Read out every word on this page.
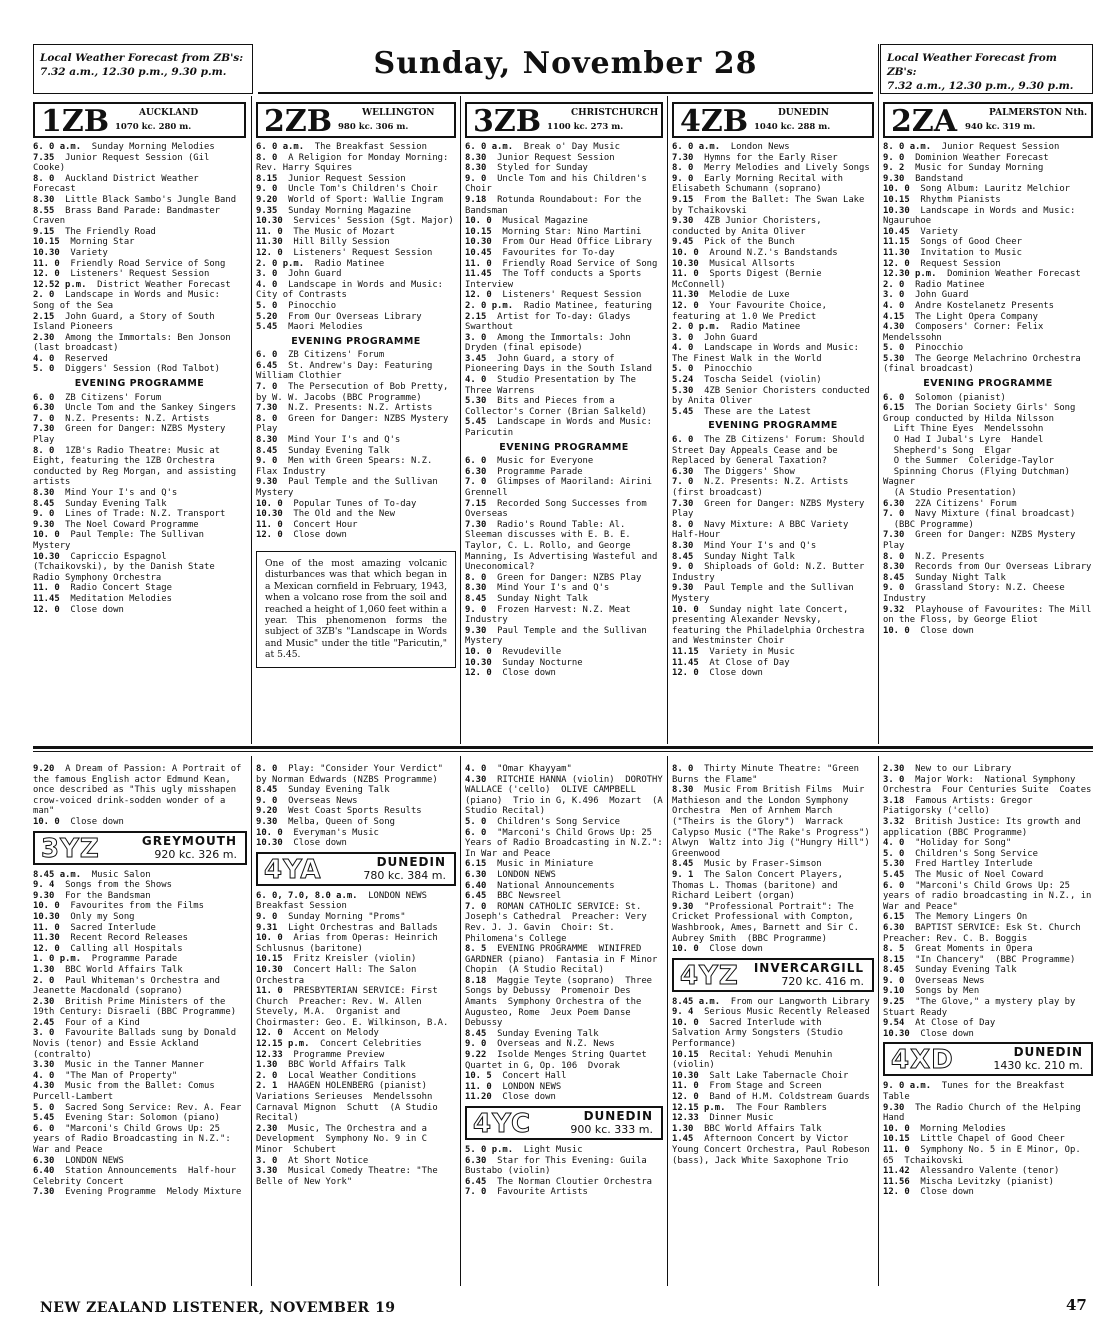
Local Weather Forecast from ZB's:
7.32 a.m., 12.30 p.m., 9.30 p.m.	Sunday, November 28	Local Weather Forecast from ZB's:
7.32 a.m., 12.30 p.m., 9.30 p.m.
1ZB	AUCKLAND
1070 kc. 280 m.
6. 0 a.m. Sunday Morning Melodies
7.35 Junior Request Session (Gil Cooke)
8. 0 Auckland District Weather Forecast
8.30 Little Black Sambo's Jungle Band
8.55 Brass Band Parade: Bandmaster Craven
9.15 The Friendly Road
10.15 Morning Star
10.30 Variety
11. 0 Friendly Road Service of Song
12. 0 Listeners' Request Session
12.52 p.m. District Weather Forecast
2. 0 Landscape in Words and Music: Song of the Sea
2.15 John Guard, a Story of South Island Pioneers
2.30 Among the Immortals: Ben Jonson (last broadcast)
4. 0 Reserved
5. 0 Diggers' Session (Rod Talbot)
EVENING PROGRAMME
6. 0 ZB Citizens' Forum
6.30 Uncle Tom and the Sankey Singers
7. 0 N.Z. Presents: N.Z. Artists
7.30 Green for Danger: NZBS Mystery Play
8. 0 1ZB's Radio Theatre: Music at Eight, featuring the 1ZB Orchestra conducted by Reg Morgan, and assisting artists
8.30 Mind Your I's and Q's
8.45 Sunday Evening Talk
9. 0 Lines of Trade: N.Z. Transport
9.30 The Noel Coward Programme
10. 0 Paul Temple: The Sullivan Mystery
10.30 Capriccio Espagnol (Tchaikovski), by the Danish State Radio Symphony Orchestra
11. 0 Radio Concert Stage
11.45 Meditation Melodies
12. 0 Close down
2ZB	WELLINGTON
980 kc. 306 m.
6. 0 a.m. The Breakfast Session
8. 0 A Religion for Monday Morning: Rev. Harry Squires
8.15 Junior Request Session
9. 0 Uncle Tom's Children's Choir
9.20 World of Sport: Wallie Ingram
9.35 Sunday Morning Magazine
10.30 Services' Session (Sgt. Major)
11. 0 The Music of Mozart
11.30 Hill Billy Session
12. 0 Listeners' Request Session
2. 0 p.m. Radio Matinee
3. 0 John Guard
4. 0 Landscape in Words and Music: City of Contrasts
5. 0 Pinocchio
5.20 From Our Overseas Library
5.45 Maori Melodies
EVENING PROGRAMME
6. 0 ZB Citizens' Forum
6.45 St. Andrew's Day: Featuring William Clothier
7. 0 The Persecution of Bob Pretty, by W. W. Jacobs (BBC Programme)
7.30 N.Z. Presents: N.Z. Artists
8. 0 Green for Danger: NZBS Mystery Play
8.30 Mind Your I's and Q's
8.45 Sunday Evening Talk
9. 0 Men with Green Spears: N.Z. Flax Industry
9.30 Paul Temple and the Sullivan Mystery
10. 0 Popular Tunes of To-day
10.30 The Old and the New
11. 0 Concert Hour
12. 0 Close down
One of the most amazing volcanic disturbances was that which began in a Mexican cornfield in February, 1943, when a volcano rose from the soil and reached a height of 1,060 feet within a year. This phenomenon forms the subject of 3ZB's "Landscape in Words and Music" under the title "Paricutin," at 5.45.
3ZB	CHRISTCHURCH
1100 kc. 273 m.
6. 0 a.m. Break o' Day Music
8.30 Junior Request Session
8.30 Styled for Sunday
9. 0 Uncle Tom and his Children's Choir
9.18 Rotunda Roundabout: For the Bandsman
10. 0 Musical Magazine
10.15 Morning Star: Nino Martini
10.30 From Our Head Office Library
10.45 Favourites for To-day
11. 0 Friendly Road Service of Song
11.45 The Toff conducts a Sports Interview
12. 0 Listeners' Request Session
2. 0 p.m. Radio Matinee, featuring
2.15 Artist for To-day: Gladys Swarthout
3. 0 Among the Immortals: John Dryden (final episode)
3.45 John Guard, a story of Pioneering Days in the South Island
4. 0 Studio Presentation by The Three Warrens
5.30 Bits and Pieces from a Collector's Corner (Brian Salkeld)
5.45 Landscape in Words and Music: Paricutin
EVENING PROGRAMME
6. 0 Music for Everyone
6.30 Programme Parade
7. 0 Glimpses of Maoriland: Airini Grennell
7.15 Recorded Song Successes from Overseas
7.30 Radio's Round Table: Al. Sleeman discusses with E. B. E. Taylor, C. L. Rollo, and George Manning, Is Advertising Wasteful and Uneconomical?
8. 0 Green for Danger: NZBS Play
8.30 Mind Your I's and Q's
8.45 Sunday Night Talk
9. 0 Frozen Harvest: N.Z. Meat Industry
9.30 Paul Temple and the Sullivan Mystery
10. 0 Revudeville
10.30 Sunday Nocturne
12. 0 Close down
4ZB	DUNEDIN
1040 kc. 288 m.
6. 0 a.m. London News
7.30 Hymns for the Early Riser
8. 0 Merry Melodies and Lively Songs
9. 0 Early Morning Recital with Elisabeth Schumann (soprano)
9.15 From the Ballet: The Swan Lake by Tchaikovski
9.30 4ZB Junior Choristers, conducted by Anita Oliver
9.45 Pick of the Bunch
10. 0 Around N.Z.'s Bandstands
10.30 Musical Allsorts
11. 0 Sports Digest (Bernie McConnell)
11.30 Melodie de Luxe
12. 0 Your Favourite Choice, featuring at 1.0 We Predict
2. 0 p.m. Radio Matinee
3. 0 John Guard
4. 0 Landscape in Words and Music: The Finest Walk in the World
5. 0 Pinocchio
5.24 Toscha Seidel (violin)
5.30 4ZB Senior Choristers conducted by Anita Oliver
5.45 These are the Latest
EVENING PROGRAMME
6. 0 The ZB Citizens' Forum: Should Street Day Appeals Cease and be Replaced by General Taxation?
6.30 The Diggers' Show
7. 0 N.Z. Presents: N.Z. Artists (first broadcast)
7.30 Green for Danger: NZBS Mystery Play
8. 0 Navy Mixture: A BBC Variety Half-Hour
8.30 Mind Your I's and Q's
8.45 Sunday Night Talk
9. 0 Shiploads of Gold: N.Z. Butter Industry
9.30 Paul Temple and the Sullivan Mystery
10. 0 Sunday night late Concert, presenting Alexander Nevsky, featuring the Philadelphia Orchestra and Westminster Choir
11.15 Variety in Music
11.45 At Close of Day
12. 0 Close down
2ZA	PALMERSTON Nth.
940 kc. 319 m.
8. 0 a.m. Junior Request Session
9. 0 Dominion Weather Forecast
9. 2 Music for Sunday Morning
9.30 Bandstand
10. 0 Song Album: Lauritz Melchior
10.15 Rhythm Pianists
10.30 Landscape in Words and Music: Ngauruhoe
10.45 Variety
11.15 Songs of Good Cheer
11.30 Invitation to Music
12. 0 Request Session
12.30 p.m. Dominion Weather Forecast
2. 0 Radio Matinee
3. 0 John Guard
4. 0 Andre Kostelanetz Presents
4.15 The Light Opera Company
4.30 Composers' Corner: Felix Mendelssohn
5. 0 Pinocchio
5.30 The George Melachrino Orchestra (final broadcast)
EVENING PROGRAMME
6. 0 Solomon (pianist)
6.15 The Dorian Society Girls' Song Group conducted by Hilda Nilsson
Lift Thine Eyes  Mendelssohn
O Had I Jubal's Lyre  Handel
Shepherd's Song  Elgar
O the Summer  Coleridge-Taylor
Spinning Chorus (Flying Dutchman)  Wagner
(A Studio Presentation)
6.30 2ZA Citizens' Forum
7. 0 Navy Mixture (final broadcast)
(BBC Programme)
7.30 Green for Danger: NZBS Mystery Play
8. 0 N.Z. Presents
8.30 Records from Our Overseas Library
8.45 Sunday Night Talk
9. 0 Grassland Story: N.Z. Cheese Industry
9.32 Playhouse of Favourites: The Mill on the Floss, by George Eliot
10. 0 Close down
9.20 A Dream of Passion: A Portrait of the famous English actor Edmund Kean, once described as "This ugly misshapen crow-voiced drink-sodden wonder of a man"
10. 0 Close down
3YZ	GREYMOUTH
920 kc. 326 m.
8.45 a.m. Music Salon
9. 4 Songs from the Shows
9.30 For the Bandsman
10. 0 Favourites from the Films
10.30 Only my Song
11. 0 Sacred Interlude
11.30 Recent Record Releases
12. 0 Calling all Hospitals
1. 0 p.m. Programme Parade
1.30 BBC World Affairs Talk
2. 0 Paul Whiteman's Orchestra and Jeanette Macdonald (soprano)
2.30 British Prime Ministers of the 19th Century: Disraeli (BBC Programme)
2.45 Four of a Kind
3. 0 Favourite Ballads sung by Donald Novis (tenor) and Essie Ackland (contralto)
3.30 Music in the Tanner Manner
4. 0 "The Man of Property"
4.30 Music from the Ballet: Comus  Purcell-Lambert
5. 0 Sacred Song Service: Rev. A. Fear
5.45 Evening Star: Solomon (piano)
6. 0 "Marconi's Child Grows Up: 25 years of Radio Broadcasting in N.Z.": War and Peace
6.30 LONDON NEWS
6.40 Station Announcements  Half-hour Celebrity Concert
7.30 Evening Programme  Melody Mixture
8. 0 Play: "Consider Your Verdict" by Norman Edwards (NZBS Programme)
8.45 Sunday Evening Talk
9. 0 Overseas News
9.20 West Coast Sports Results
9.30 Melba, Queen of Song
10. 0 Everyman's Music
10.30 Close down
4YA	DUNEDIN
780 kc. 384 m.
6. 0, 7.0, 8.0 a.m. LONDON NEWS  Breakfast Session
9. 0 Sunday Morning "Proms"
9.31 Light Orchestras and Ballads
10. 0 Arias from Operas: Heinrich Schlusnus (baritone)
10.15 Fritz Kreisler (violin)
10.30 Concert Hall: The Salon Orchestra
11. 0 PRESBYTERIAN SERVICE: First Church  Preacher: Rev. W. Allen Stevely, M.A.  Organist and Choirmaster: Geo. E. Wilkinson, B.A.
12. 0 Accent on Melody
12.15 p.m. Concert Celebrities
12.33 Programme Preview
1.30 BBC World Affairs Talk
2. 0 Local Weather Conditions
2. 1 HAAGEN HOLENBERG (pianist)  Variations Serieuses  Mendelssohn  Carnaval Mignon  Schutt  (A Studio Recital)
2.30 Music, The Orchestra and a Development  Symphony No. 9 in C Minor  Schubert
3. 0 At Short Notice
3.30 Musical Comedy Theatre: "The Belle of New York"
4. 0 "Omar Khayyam"
4.30 RITCHIE HANNA (violin)  DOROTHY WALLACE ('cello)  OLIVE CAMPBELL (piano)  Trio in G, K.496  Mozart  (A Studio Recital)
5. 0 Children's Song Service
6. 0 "Marconi's Child Grows Up: 25 Years of Radio Broadcasting in N.Z.": In War and Peace
6.15 Music in Miniature
6.30 LONDON NEWS
6.40 National Announcements
6.45 BBC Newsreel
7. 0 ROMAN CATHOLIC SERVICE: St. Joseph's Cathedral  Preacher: Very Rev. J. J. Gavin  Choir: St. Philomena's College
8. 5 EVENING PROGRAMME  WINIFRED GARDNER (piano)  Fantasia in F Minor  Chopin  (A Studio Recital)
8.18 Maggie Teyte (soprano)  Three Songs by Debussy  Promenoir Des Amants  Symphony Orchestra of the Augusteo, Rome  Jeux Poem Danse  Debussy
8.45 Sunday Evening Talk
9. 0 Overseas and N.Z. News
9.22 Isolde Menges String Quartet  Quartet in G, Op. 106  Dvorak
10. 5 Concert Hall
11. 0 LONDON NEWS
11.20 Close down
4YC	DUNEDIN
900 kc. 333 m.
5. 0 p.m. Light Music
6.30 Star for This Evening: Guila Bustabo (violin)
6.45 The Norman Cloutier Orchestra
7. 0 Favourite Artists
8. 0 Thirty Minute Theatre: "Green Burns the Flame"
8.30 Music From British Films  Muir Mathieson and the London Symphony Orchestra  Men of Arnhem March  ("Theirs is the Glory")  Warrack  Calypso Music ("The Rake's Progress")  Alwyn  Waltz into Jig ("Hungry Hill")  Greenwood
8.45 Music by Fraser-Simson
9. 1 The Salon Concert Players, Thomas L. Thomas (baritone) and Richard Leibert (organ)
9.30 "Professional Portrait": The Cricket Professional with Compton, Washbrook, Ames, Barnett and Sir C. Aubrey Smith  (BBC Programme)
10. 0 Close down
4YZ INVERCARGILL
720 kc. 416 m.
8.45 a.m. From our Langworth Library
9. 4 Serious Music Recently Released
10. 0 Sacred Interlude with Salvation Army Songsters (Studio Performance)
10.15 Recital: Yehudi Menuhin (violin)
10.30 Salt Lake Tabernacle Choir
11. 0 From Stage and Screen
12. 0 Band of H.M. Coldstream Guards
12.15 p.m. The Four Ramblers
12.33 Dinner Music
1.30 BBC World Affairs Talk
1.45 Afternoon Concert by Victor Young Concert Orchestra, Paul Robeson (bass), Jack White Saxophone Trio
2.30 New to our Library
3. 0 Major Work:  National Symphony Orchestra  Four Centuries Suite  Coates
3.18 Famous Artists: Gregor Piatigorsky ('cello)
3.32 British Justice: Its growth and application (BBC Programme)
4. 0 "Holiday for Song"
5. 0 Children's Song Service
5.30 Fred Hartley Interlude
5.45 The Music of Noel Coward
6. 0 "Marconi's Child Grows Up: 25 years of radio broadcasting in N.Z., in War and Peace"
6.15 The Memory Lingers On
6.30 BAPTIST SERVICE: Esk St. Church  Preacher: Rev. C. B. Boggis
8. 5 Great Moments in Opera
8.15 "In Chancery"  (BBC Programme)
8.45 Sunday Evening Talk
9. 0 Overseas News
9.10 Songs by Men
9.25 "The Glove," a mystery play by Stuart Ready
9.54 At Close of Day
10.30 Close down
4XD	DUNEDIN
1430 kc. 210 m.
9. 0 a.m. Tunes for the Breakfast Table
9.30 The Radio Church of the Helping Hand
10. 0 Morning Melodies
10.15 Little Chapel of Good Cheer
11. 0 Symphony No. 5 in E Minor, Op. 65  Tchaikovski
11.42 Alessandro Valente (tenor)
11.56 Mischa Levitzky (pianist)
12. 0 Close down
NEW ZEALAND LISTENER, NOVEMBER 19	47
